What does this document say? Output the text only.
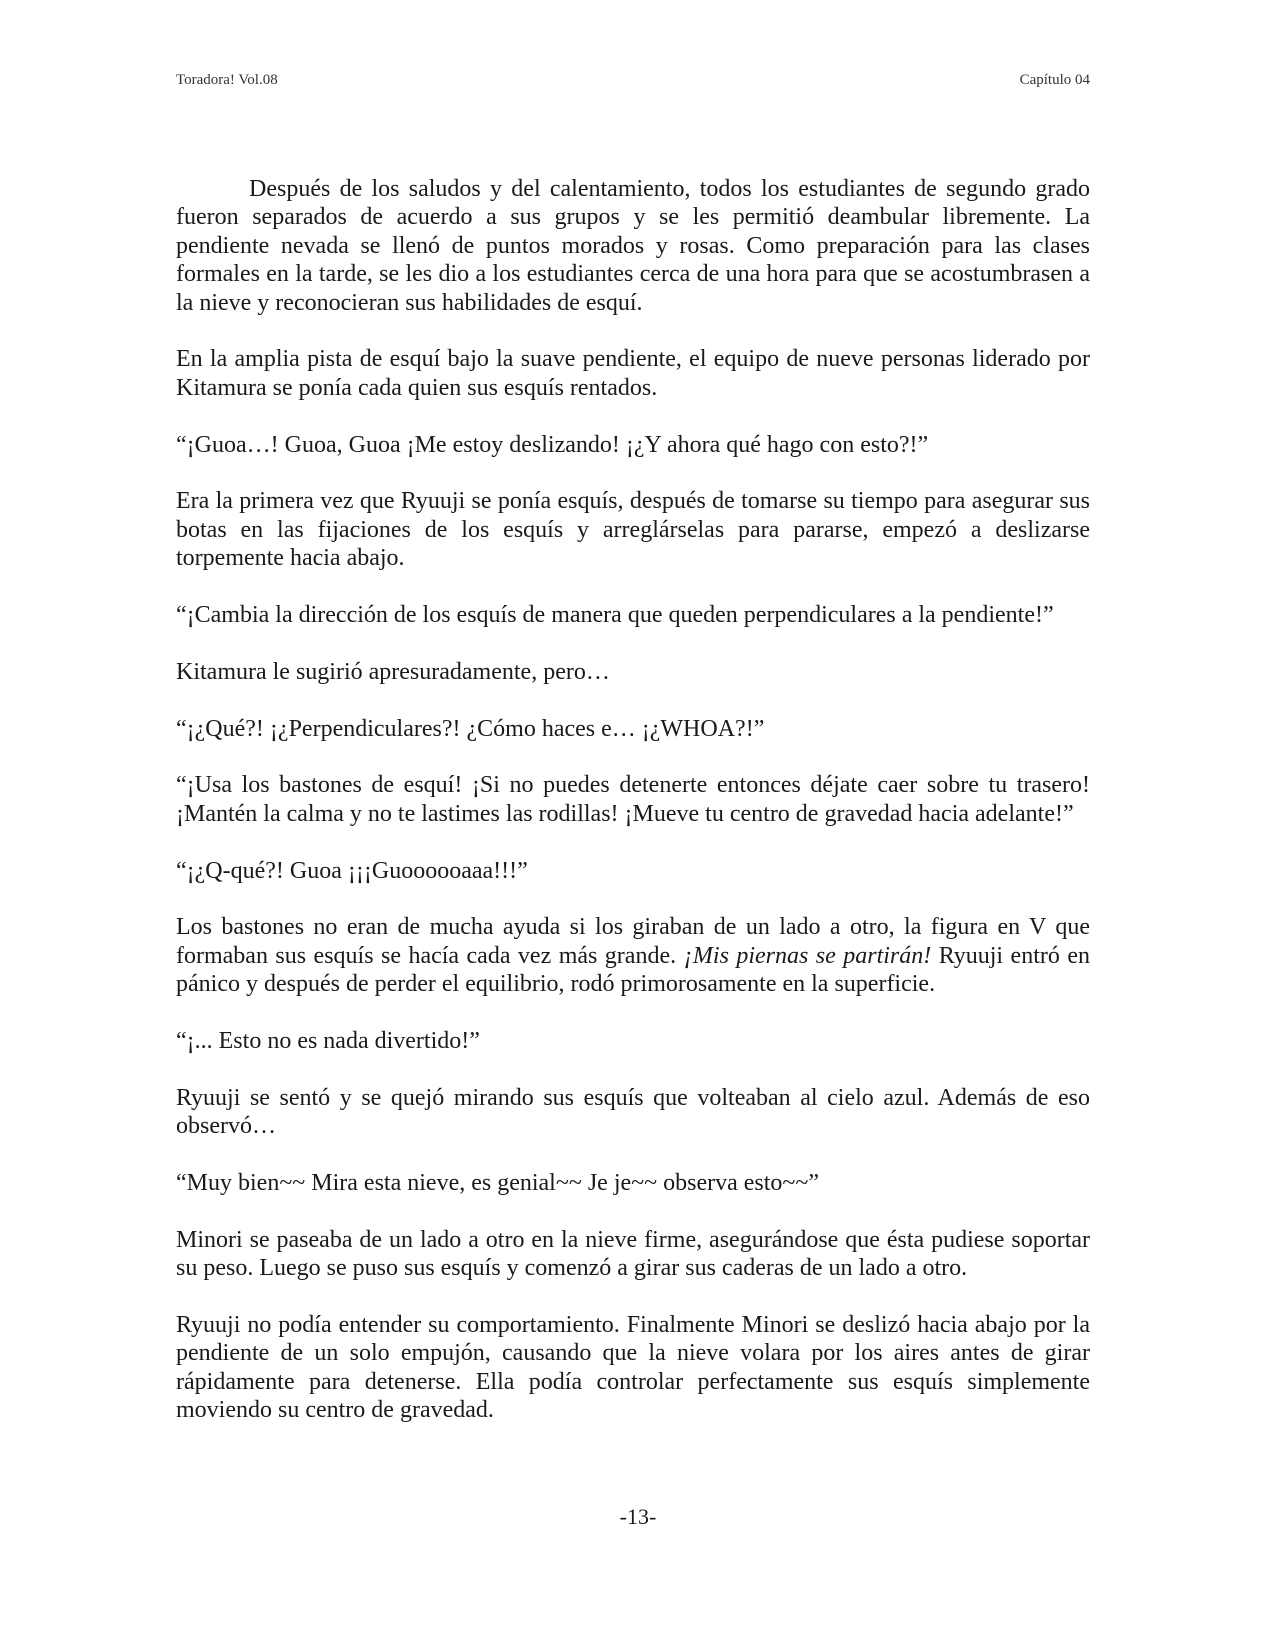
Toradora! Vol.08	Capítulo 04

Después de los saludos y del calentamiento, todos los estudiantes de segundo grado fueron separados de acuerdo a sus grupos y se les permitió deambular libremente. La pendiente nevada se llenó de puntos morados y rosas. Como preparación para las clases formales en la tarde, se les dio a los estudiantes cerca de una hora para que se acostumbrasen a la nieve y reconocieran sus habilidades de esquí.

En la amplia pista de esquí bajo la suave pendiente, el equipo de nueve personas liderado por Kitamura se ponía cada quien sus esquís rentados.

“¡Guoa…! Guoa, Guoa ¡Me estoy deslizando! ¡¿Y ahora qué hago con esto?!”

Era la primera vez que Ryuuji se ponía esquís, después de tomarse su tiempo para asegurar sus botas en las fijaciones de los esquís y arreglárselas para pararse, empezó a deslizarse torpemente hacia abajo.

“¡Cambia la dirección de los esquís de manera que queden perpendiculares a la pendiente!”

Kitamura le sugirió apresuradamente, pero…

“¡¿Qué?! ¡¿Perpendiculares?! ¿Cómo haces e… ¡¿WHOA?!”

“¡Usa los bastones de esquí! ¡Si no puedes detenerte entonces déjate caer sobre tu trasero! ¡Mantén la calma y no te lastimes las rodillas! ¡Mueve tu centro de gravedad hacia adelante!”

“¡¿Q-qué?! Guoa ¡¡¡Guoooooaaa!!!”

Los bastones no eran de mucha ayuda si los giraban de un lado a otro, la figura en V que formaban sus esquís se hacía cada vez más grande. ¡Mis piernas se partirán! Ryuuji entró en pánico y después de perder el equilibrio, rodó primorosamente en la superficie.

“¡... Esto no es nada divertido!”

Ryuuji se sentó y se quejó mirando sus esquís que volteaban al cielo azul. Además de eso observó…

“Muy bien~~ Mira esta nieve, es genial~~ Je je~~ observa esto~~”

Minori se paseaba de un lado a otro en la nieve firme, asegurándose que ésta pudiese soportar su peso. Luego se puso sus esquís y comenzó a girar sus caderas de un lado a otro.

Ryuuji no podía entender su comportamiento. Finalmente Minori se deslizó hacia abajo por la pendiente de un solo empujón, causando que la nieve volara por los aires antes de girar rápidamente para detenerse. Ella podía controlar perfectamente sus esquís simplemente moviendo su centro de gravedad.

-13-
